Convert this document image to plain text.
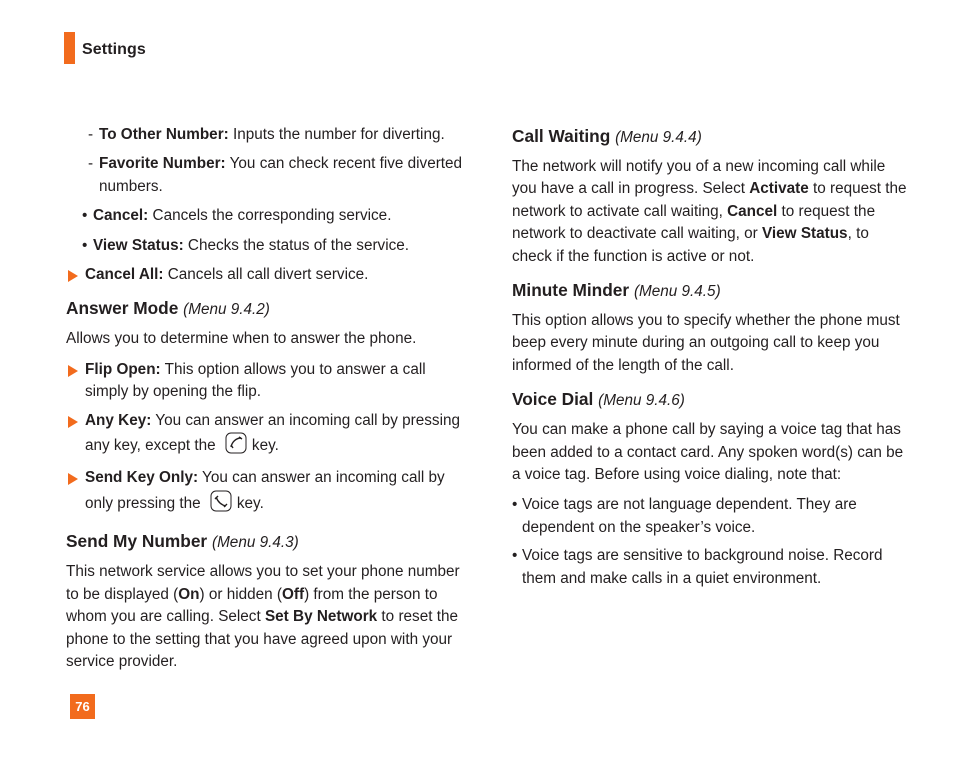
Settings
- To Other Number: Inputs the number for diverting.
- Favorite Number: You can check recent five diverted numbers.
• Cancel: Cancels the corresponding service.
• View Status: Checks the status of the service.
Cancel All: Cancels all call divert service.
Answer Mode (Menu 9.4.2)

Allows you to determine when to answer the phone.

Flip Open: This option allows you to answer a call simply by opening the flip.
Any Key: You can answer an incoming call by pressing any key, except the key.
Send Key Only: You can answer an incoming call by only pressing the key.
Send My Number (Menu 9.4.3)

This network service allows you to set your phone number to be displayed (On) or hidden (Off) from the person to whom you are calling. Select Set By Network to reset the phone to the setting that you have agreed upon with your service provider.

Call Waiting (Menu 9.4.4)

The network will notify you of a new incoming call while you have a call in progress. Select Activate to request the network to activate call waiting, Cancel to request the network to deactivate call waiting, or View Status, to check if the function is active or not.

Minute Minder (Menu 9.4.5)

This option allows you to specify whether the phone must beep every minute during an outgoing call to keep you informed of the length of the call.

Voice Dial (Menu 9.4.6)

You can make a phone call by saying a voice tag that has been added to a contact card. Any spoken word(s) can be a voice tag. Before using voice dialing, note that:

• Voice tags are not language dependent. They are dependent on the speaker’s voice.
• Voice tags are sensitive to background noise. Record them and make calls in a quiet environment.
76
